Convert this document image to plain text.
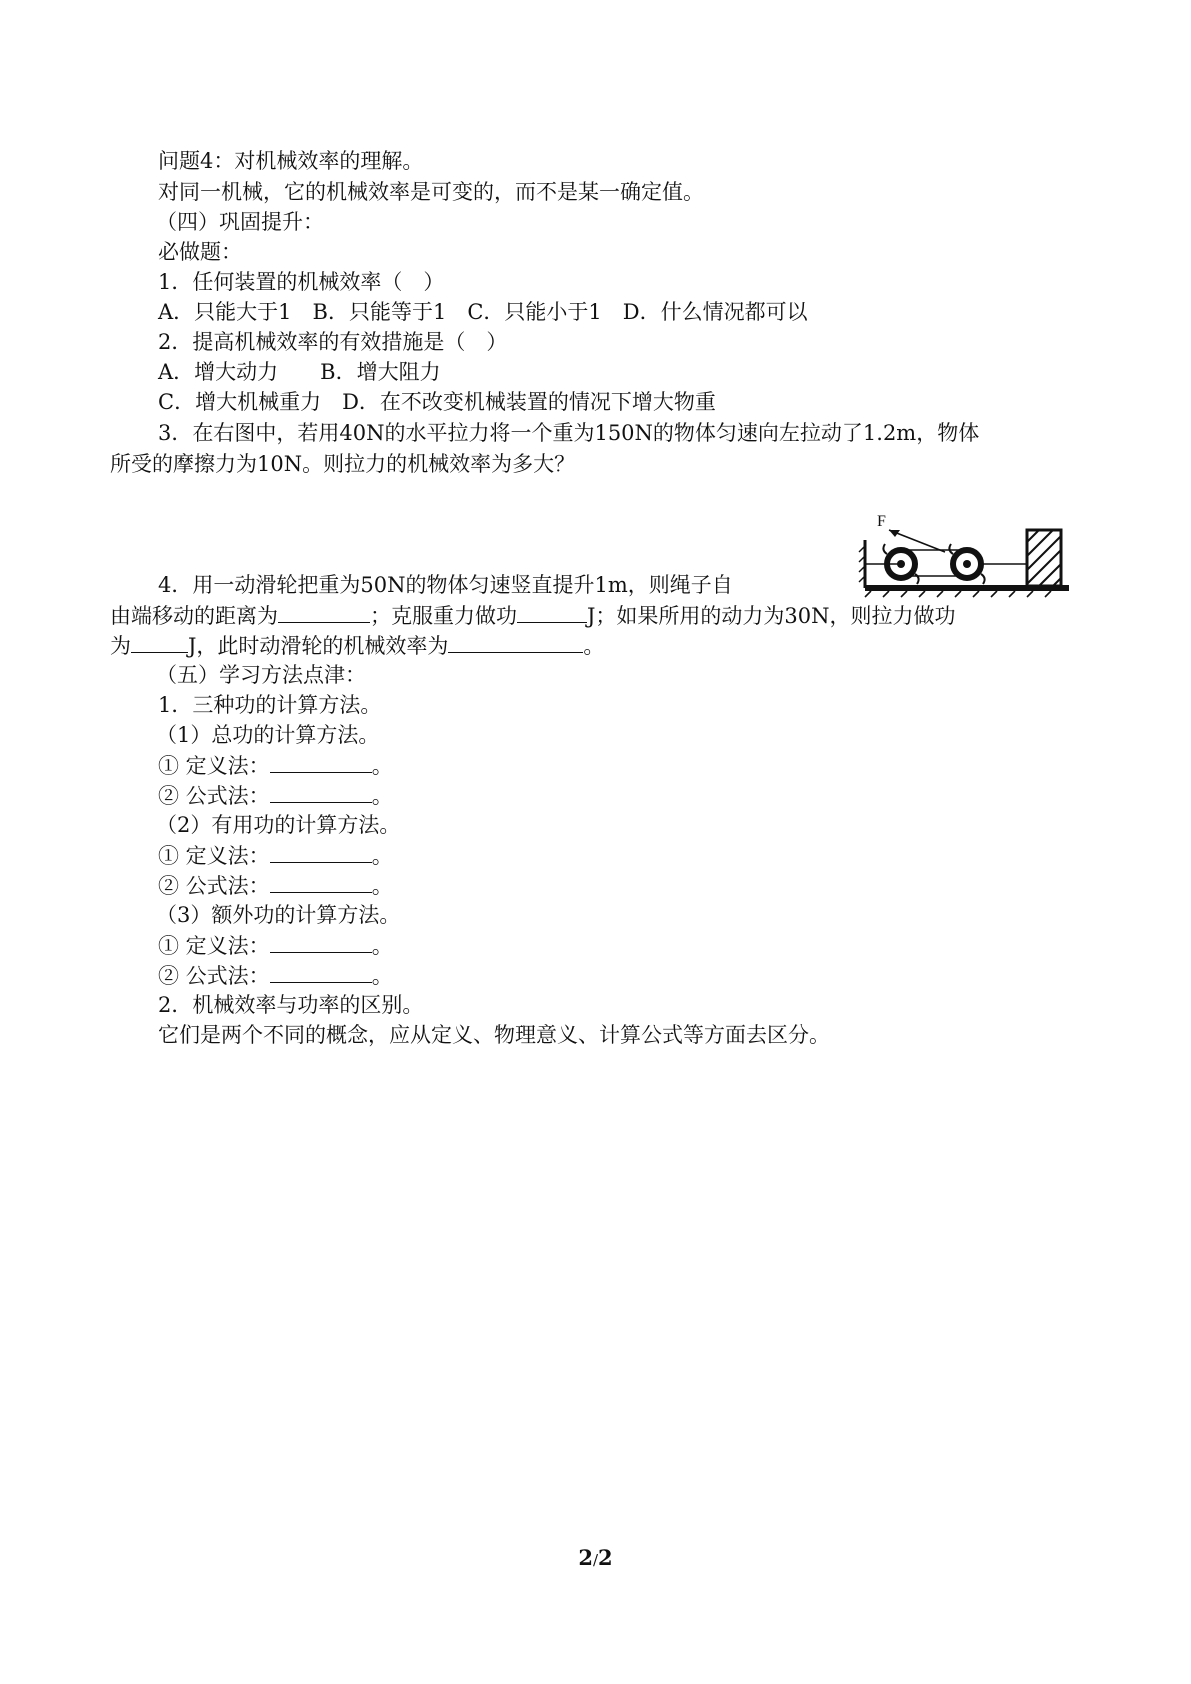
问题4：对机械效率的理解。
对同一机械，它的机械效率是可变的，而不是某一确定值。
（四）巩固提升：
必做题：
1．任何装置的机械效率（　）
A．只能大于1　B．只能等于1　C．只能小于1　D．什么情况都可以
2．提高机械效率的有效措施是（　）
A．增大动力　　B．增大阻力
C．增大机械重力　D．在不改变机械装置的情况下增大物重
3．在右图中，若用40N的水平拉力将一个重为150N的物体匀速向左拉动了1.2m，物体
所受的摩擦力为10N。则拉力的机械效率为多大？
F
4．用一动滑轮把重为50N的物体匀速竖直提升1m，则绳子自
由端移动的距离为	；克服重力做功	J；如果所用的动力为30N，则拉力做功
为	J，此时动滑轮的机械效率为	。
（五）学习方法点津：
1．三种功的计算方法。
（1）总功的计算方法。
① 定义法：	。
② 公式法：	。
（2）有用功的计算方法。
① 定义法：	。
② 公式法：	。
（3）额外功的计算方法。
① 定义法：	。
② 公式法：	。
2．机械效率与功率的区别。
它们是两个不同的概念，应从定义、物理意义、计算公式等方面去区分。
2/2
